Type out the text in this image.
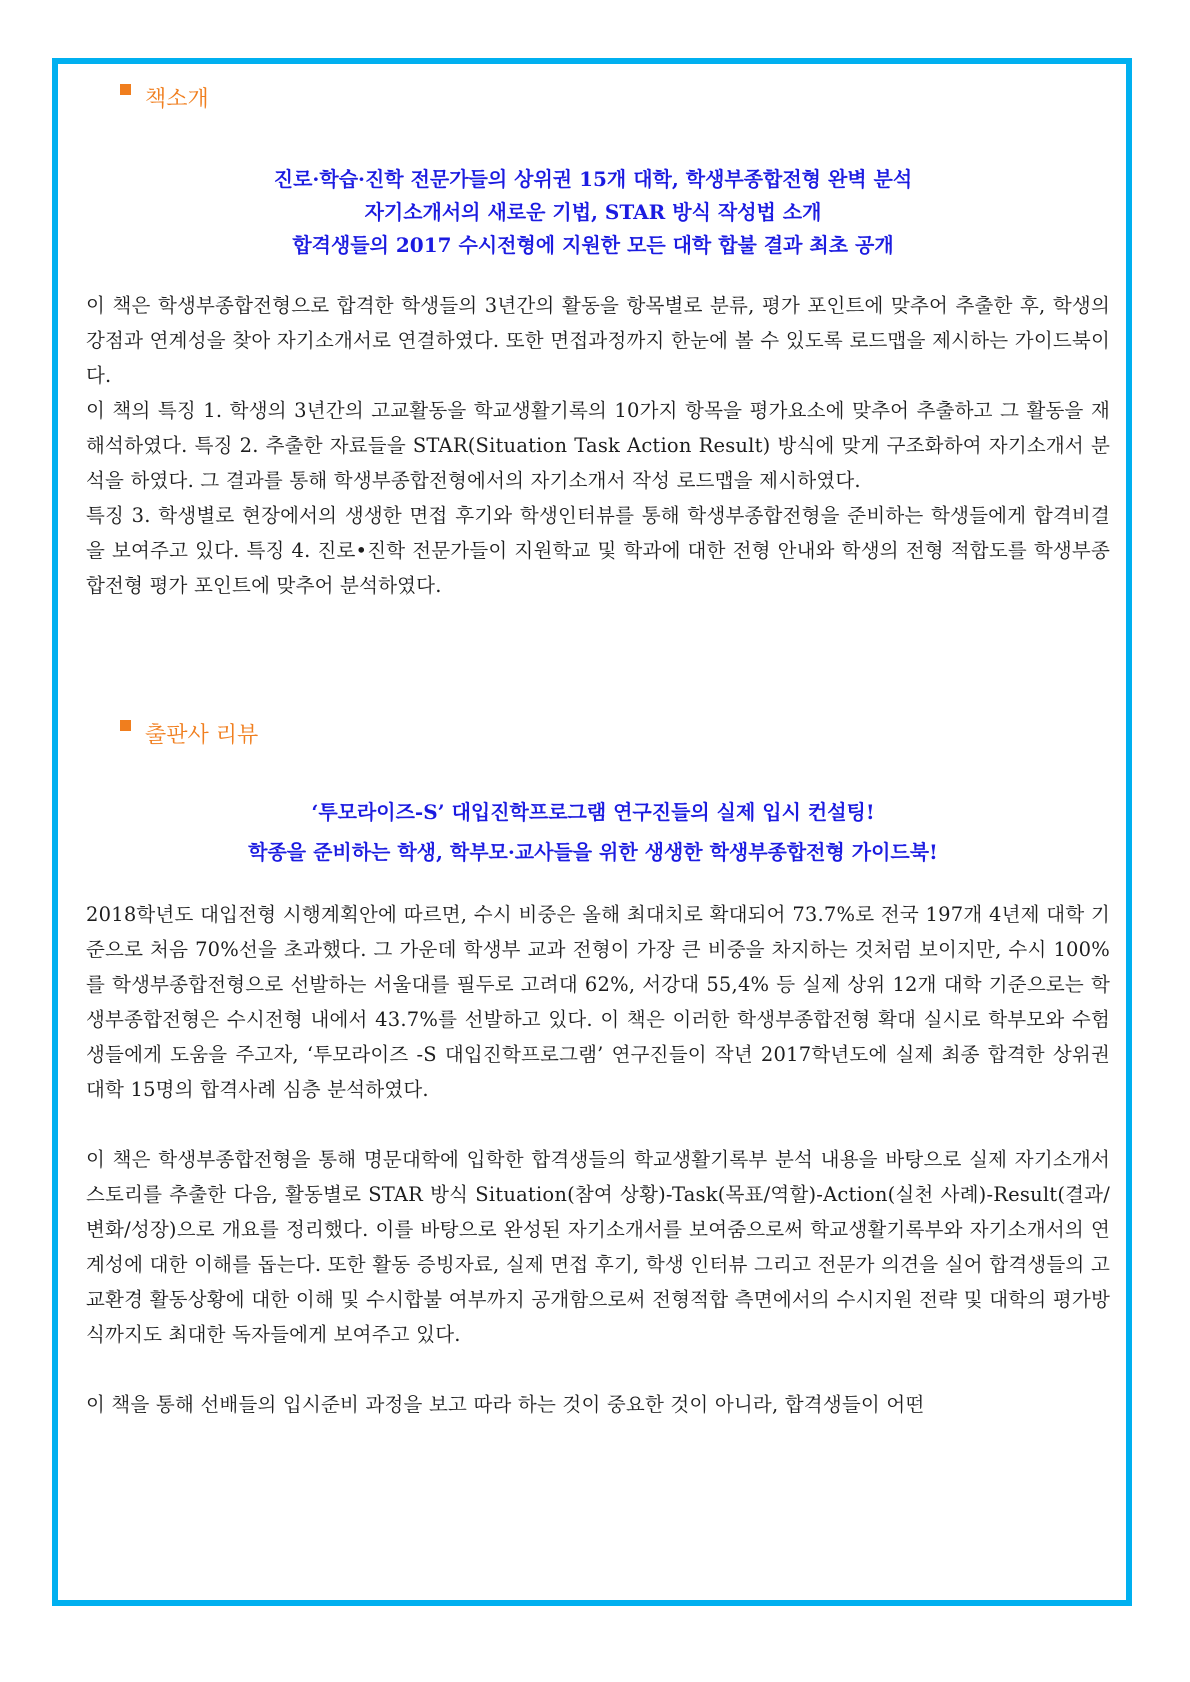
책소개
진로·학습·진학 전문가들의 상위권 15개 대학, 학생부종합전형 완벽 분석
자기소개서의 새로운 기법, STAR 방식 작성법 소개
합격생들의 2017 수시전형에 지원한 모든 대학 합불 결과 최초 공개

이 책은 학생부종합전형으로 합격한 학생들의 3년간의 활동을 항목별로 분류, 평가 포인트에 맞추어 추출한 후, 학생의 강점과 연계성을 찾아 자기소개서로 연결하였다. 또한 면접과정까지 한눈에 볼 수 있도록 로드맵을 제시하는 가이드북이다.

이 책의 특징 1. 학생의 3년간의 고교활동을 학교생활기록의 10가지 항목을 평가요소에 맞추어 추출하고 그 활동을 재해석하였다. 특징 2. 추출한 자료들을 STAR(Situation Task Action Result) 방식에 맞게 구조화하여 자기소개서 분석을 하였다. 그 결과를 통해 학생부종합전형에서의 자기소개서 작성 로드맵을 제시하였다.

특징 3. 학생별로 현장에서의 생생한 면접 후기와 학생인터뷰를 통해 학생부종합전형을 준비하는 학생들에게 합격비결을 보여주고 있다. 특징 4. 진로•진학 전문가들이 지원학교 및 학과에 대한 전형 안내와 학생의 전형 적합도를 학생부종합전형 평가 포인트에 맞추어 분석하였다.

출판사 리뷰
‘투모라이즈-S’ 대입진학프로그램 연구진들의 실제 입시 컨설팅!
학종을 준비하는 학생, 학부모·교사들을 위한 생생한 학생부종합전형 가이드북!

2018학년도 대입전형 시행계획안에 따르면, 수시 비중은 올해 최대치로 확대되어 73.7%로 전국 197개 4년제 대학 기준으로 처음 70%선을 초과했다. 그 가운데 학생부 교과 전형이 가장 큰 비중을 차지하는 것처럼 보이지만, 수시 100%를 학생부종합전형으로 선발하는 서울대를 필두로 고려대 62%, 서강대 55,4% 등 실제 상위 12개 대학 기준으로는 학생부종합전형은 수시전형 내에서 43.7%를 선발하고 있다. 이 책은 이러한 학생부종합전형 확대 실시로 학부모와 수험생들에게 도움을 주고자, ‘투모라이즈 -S 대입진학프로그램’ 연구진들이 작년 2017학년도에 실제 최종 합격한 상위권 대학 15명의 합격사례 심층 분석하였다.

이 책은 학생부종합전형을 통해 명문대학에 입학한 합격생들의 학교생활기록부 분석 내용을 바탕으로 실제 자기소개서 스토리를 추출한 다음, 활동별로 STAR 방식 Situation(참여 상황)-Task(목표/역할)-Action(실천 사례)-Result(결과/변화/성장)으로 개요를 정리했다. 이를 바탕으로 완성된 자기소개서를 보여줌으로써 학교생활기록부와 자기소개서의 연계성에 대한 이해를 돕는다. 또한 활동 증빙자료, 실제 면접 후기, 학생 인터뷰 그리고 전문가 의견을 실어 합격생들의 고교환경 활동상황에 대한 이해 및 수시합불 여부까지 공개함으로써 전형적합 측면에서의 수시지원 전략 및 대학의 평가방식까지도 최대한 독자들에게 보여주고 있다.

이 책을 통해 선배들의 입시준비 과정을 보고 따라 하는 것이 중요한 것이 아니라, 합격생들이 어떤
